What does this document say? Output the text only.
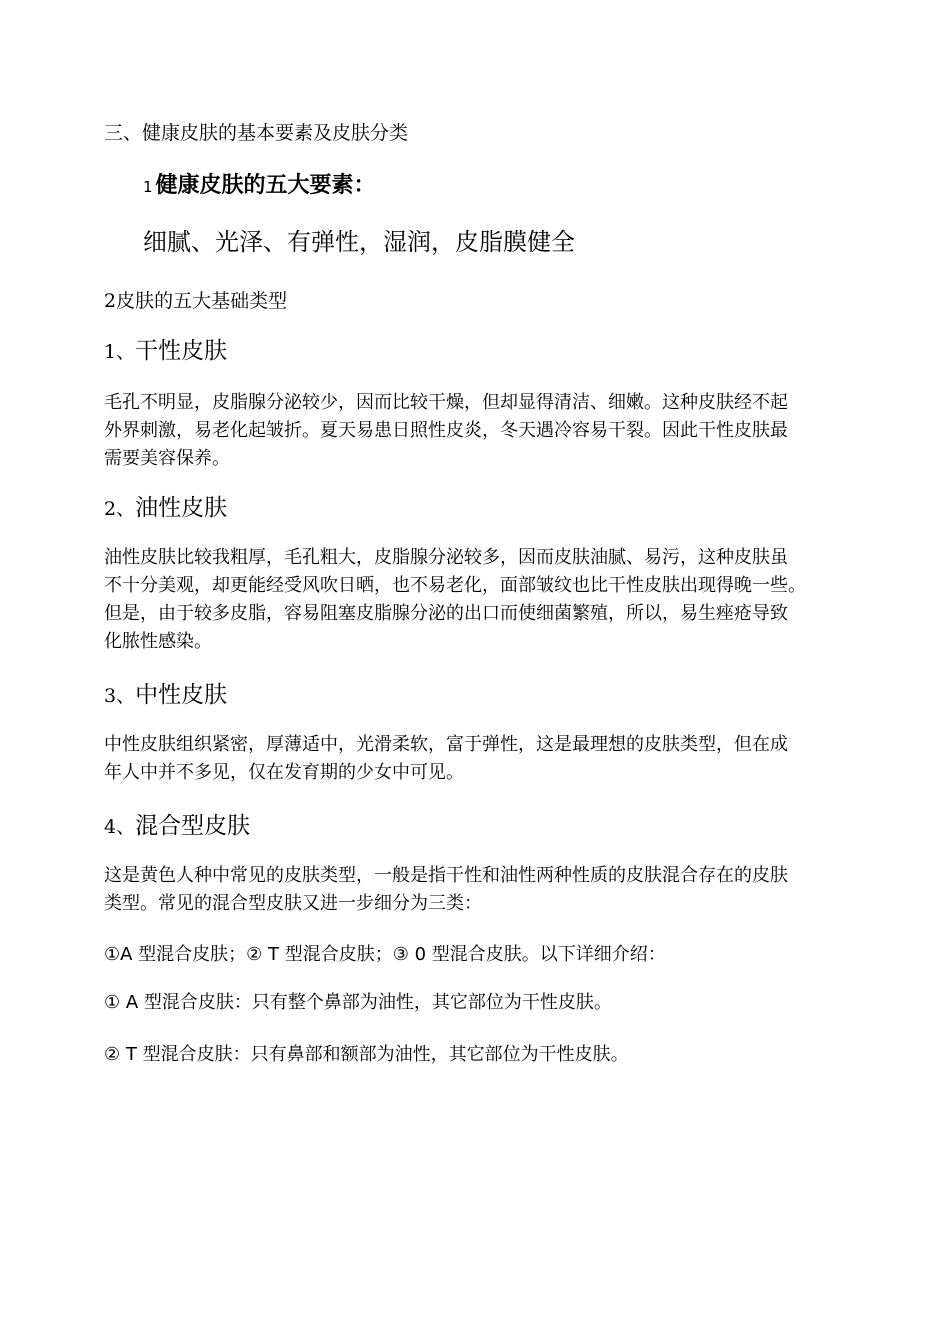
三、健康皮肤的基本要素及皮肤分类

1 健康皮肤的五大要素：

细腻、光泽、有弹性，湿润，皮脂膜健全

2皮肤的五大基础类型

1、干性皮肤

毛孔不明显，皮脂腺分泌较少，因而比较干燥，但却显得清洁、细嫩。这种皮肤经不起
外界刺激，易老化起皱折。夏天易患日照性皮炎，冬天遇冷容易干裂。因此干性皮肤最
需要美容保养。

2、油性皮肤

油性皮肤比较我粗厚，毛孔粗大，皮脂腺分泌较多，因而皮肤油腻、易污，这种皮肤虽
不十分美观，却更能经受风吹日晒，也不易老化，面部皱纹也比干性皮肤出现得晚一些。
但是，由于较多皮脂，容易阻塞皮脂腺分泌的出口而使细菌繁殖，所以，易生痤疮导致
化脓性感染。

3、中性皮肤

中性皮肤组织紧密，厚薄适中，光滑柔软，富于弹性，这是最理想的皮肤类型，但在成
年人中并不多见，仅在发育期的少女中可见。

4、混合型皮肤

这是黄色人种中常见的皮肤类型，一般是指干性和油性两种性质的皮肤混合存在的皮肤
类型。常见的混合型皮肤又进一步细分为三类：

①A 型混合皮肤；② T 型混合皮肤；③ 0 型混合皮肤。以下详细介绍：

① A 型混合皮肤：只有整个鼻部为油性，其它部位为干性皮肤。

② T 型混合皮肤：只有鼻部和额部为油性，其它部位为干性皮肤。
